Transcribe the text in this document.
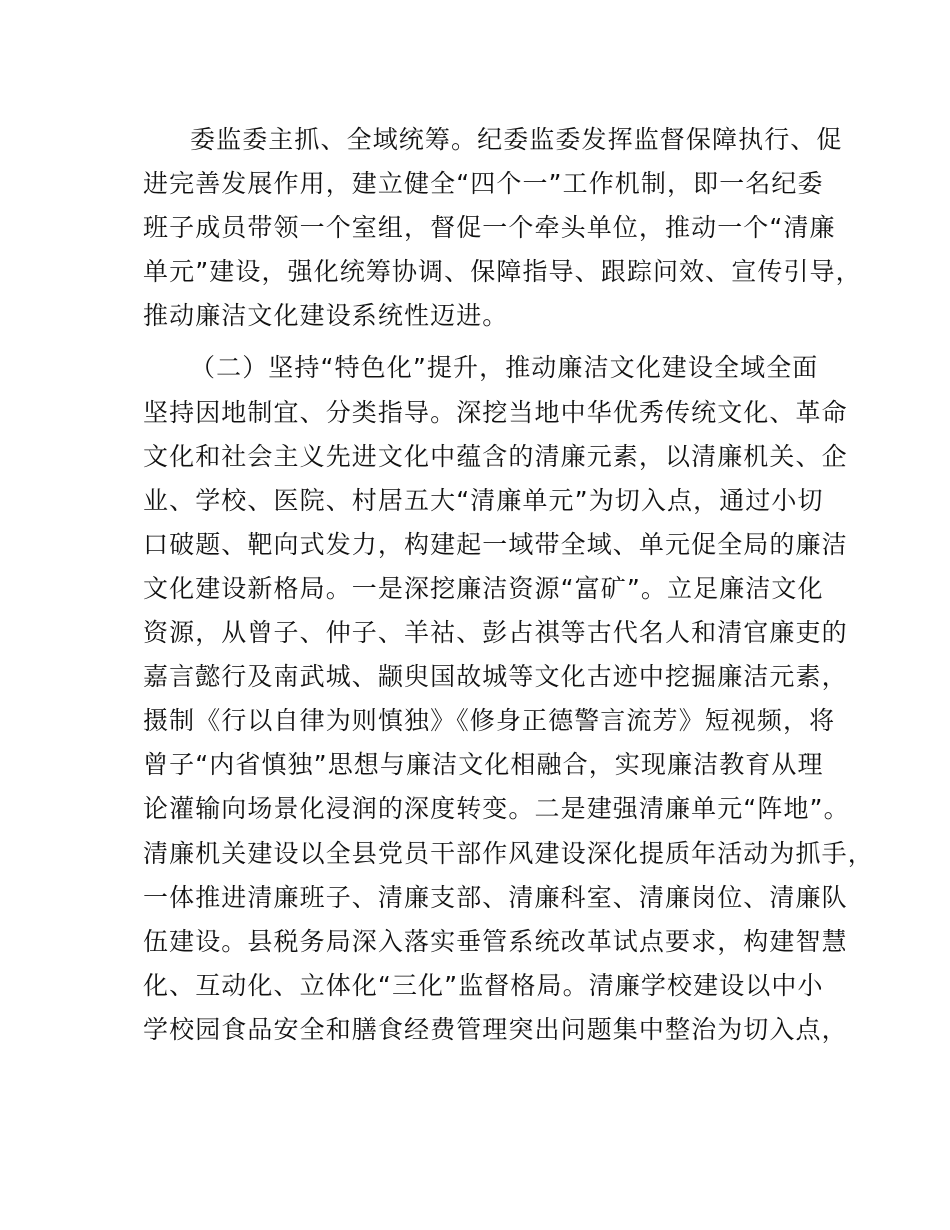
委监委主抓、全域统筹。纪委监委发挥监督保障执行、促
进完善发展作用，建立健全“四个一”工作机制，即一名纪委
班子成员带领一个室组，督促一个牵头单位，推动一个“清廉
单元”建设，强化统筹协调、保障指导、跟踪问效、宣传引导，
推动廉洁文化建设系统性迈进。
（二）坚持“特色化”提升，推动廉洁文化建设全域全面
坚持因地制宜、分类指导。深挖当地中华优秀传统文化、革命
文化和社会主义先进文化中蕴含的清廉元素，以清廉机关、企
业、学校、医院、村居五大“清廉单元”为切入点，通过小切
口破题、靶向式发力，构建起一域带全域、单元促全局的廉洁
文化建设新格局。一是深挖廉洁资源“富矿”。立足廉洁文化
资源，从曾子、仲子、羊祜、彭占祺等古代名人和清官廉吏的
嘉言懿行及南武城、颛臾国故城等文化古迹中挖掘廉洁元素，
摄制《行以自律为则慎独》《修身正德警言流芳》短视频，将
曾子“内省慎独”思想与廉洁文化相融合，实现廉洁教育从理
论灌输向场景化浸润的深度转变。二是建强清廉单元“阵地”。
清廉机关建设以全县党员干部作风建设深化提质年活动为抓手，
一体推进清廉班子、清廉支部、清廉科室、清廉岗位、清廉队
伍建设。县税务局深入落实垂管系统改革试点要求，构建智慧
化、互动化、立体化“三化”监督格局。清廉学校建设以中小
学校园食品安全和膳食经费管理突出问题集中整治为切入点，
